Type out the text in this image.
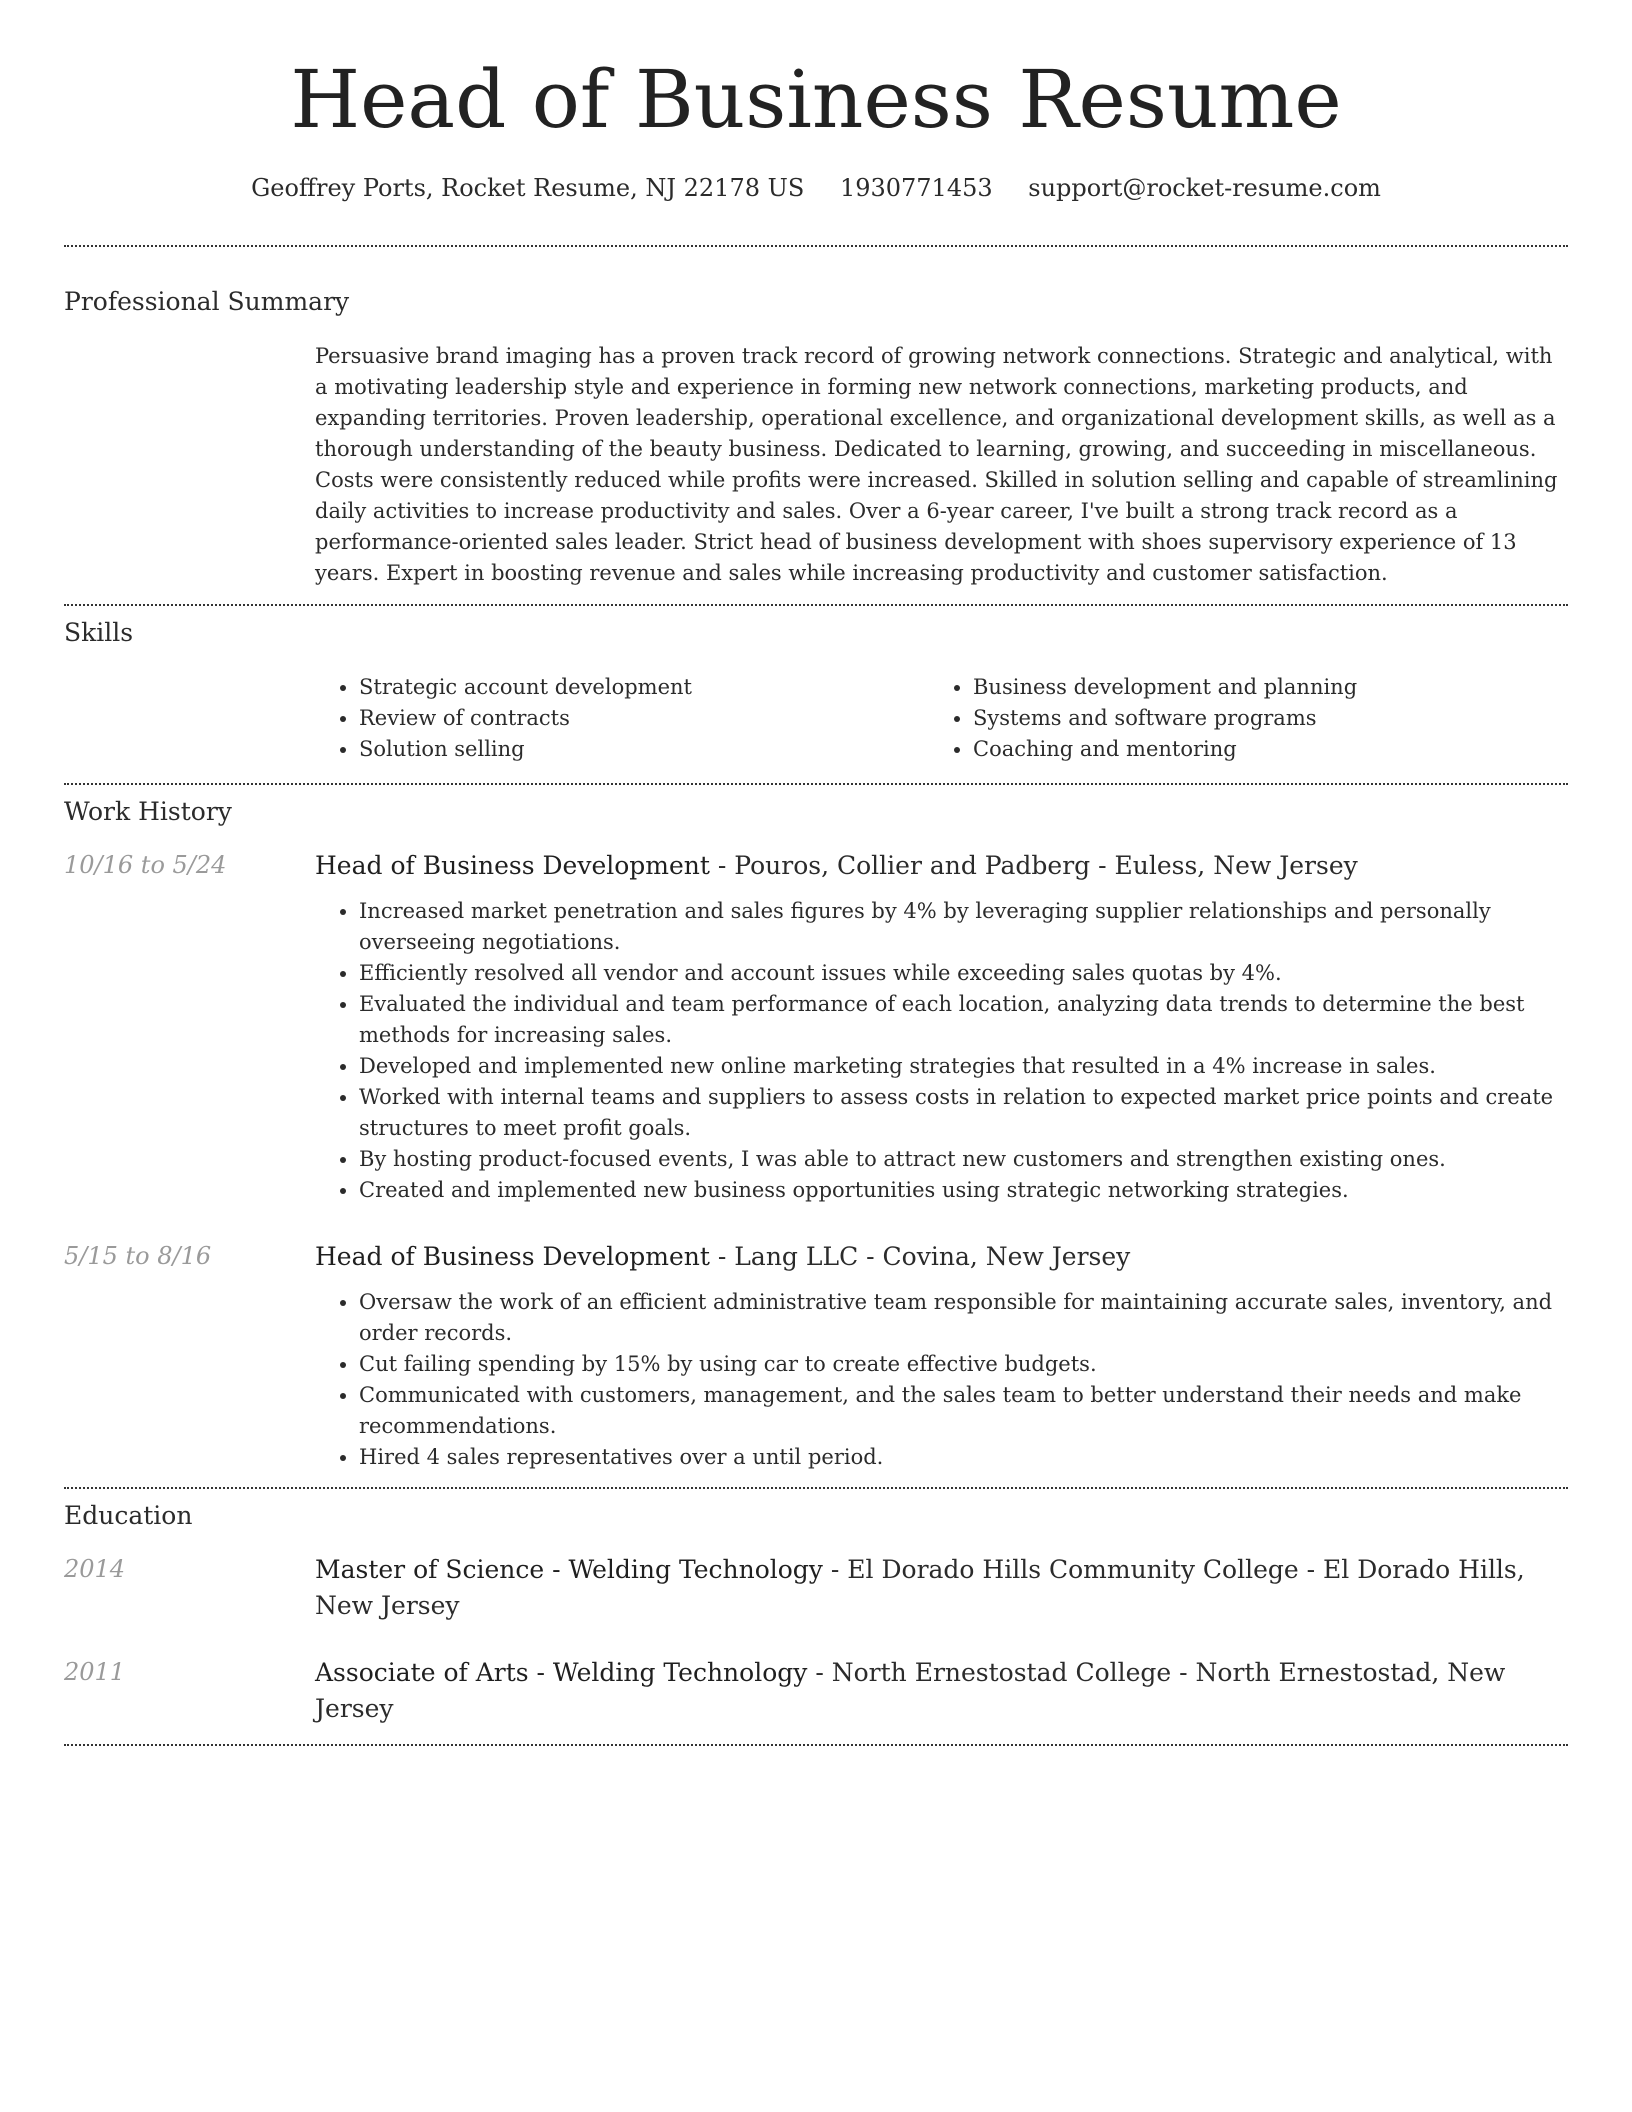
Head of Business Resume
Geoffrey Ports, Rocket Resume, NJ 22178 US 1930771453 support@rocket-resume.com
Professional Summary

Persuasive brand imaging has a proven track record of growing network connections. Strategic and analytical, with a motivating leadership style and experience in forming new network connections, marketing products, and expanding territories. Proven leadership, operational excellence, and organizational development skills, as well as a thorough understanding of the beauty business. Dedicated to learning, growing, and succeeding in miscellaneous. Costs were consistently reduced while profits were increased. Skilled in solution selling and capable of streamlining daily activities to increase productivity and sales. Over a 6-year career, I've built a strong track record as a performance-oriented sales leader. Strict head of business development with shoes supervisory experience of 13 years. Expert in boosting revenue and sales while increasing productivity and customer satisfaction.

Skills
• Strategic account development
• Review of contracts
• Solution selling
• Business development and planning
• Systems and software programs
• Coaching and mentoring
Work History
10/16 to 5/24	Head of Business Development - Pouros, Collier and Padberg - Euless, New Jersey
• Increased market penetration and sales figures by 4% by leveraging supplier relationships and personally overseeing negotiations.
• Efficiently resolved all vendor and account issues while exceeding sales quotas by 4%.
• Evaluated the individual and team performance of each location, analyzing data trends to determine the best methods for increasing sales.
• Developed and implemented new online marketing strategies that resulted in a 4% increase in sales.
• Worked with internal teams and suppliers to assess costs in relation to expected market price points and create structures to meet profit goals.
• By hosting product-focused events, I was able to attract new customers and strengthen existing ones.
• Created and implemented new business opportunities using strategic networking strategies.
5/15 to 8/16	Head of Business Development - Lang LLC - Covina, New Jersey
• Oversaw the work of an efficient administrative team responsible for maintaining accurate sales, inventory, and order records.
• Cut failing spending by 15% by using car to create effective budgets.
• Communicated with customers, management, and the sales team to better understand their needs and make recommendations.
• Hired 4 sales representatives over a until period.
Education
2014	Master of Science - Welding Technology - El Dorado Hills Community College - El Dorado Hills, New Jersey
2011	Associate of Arts - Welding Technology - North Ernestostad College - North Ernestostad, New Jersey
